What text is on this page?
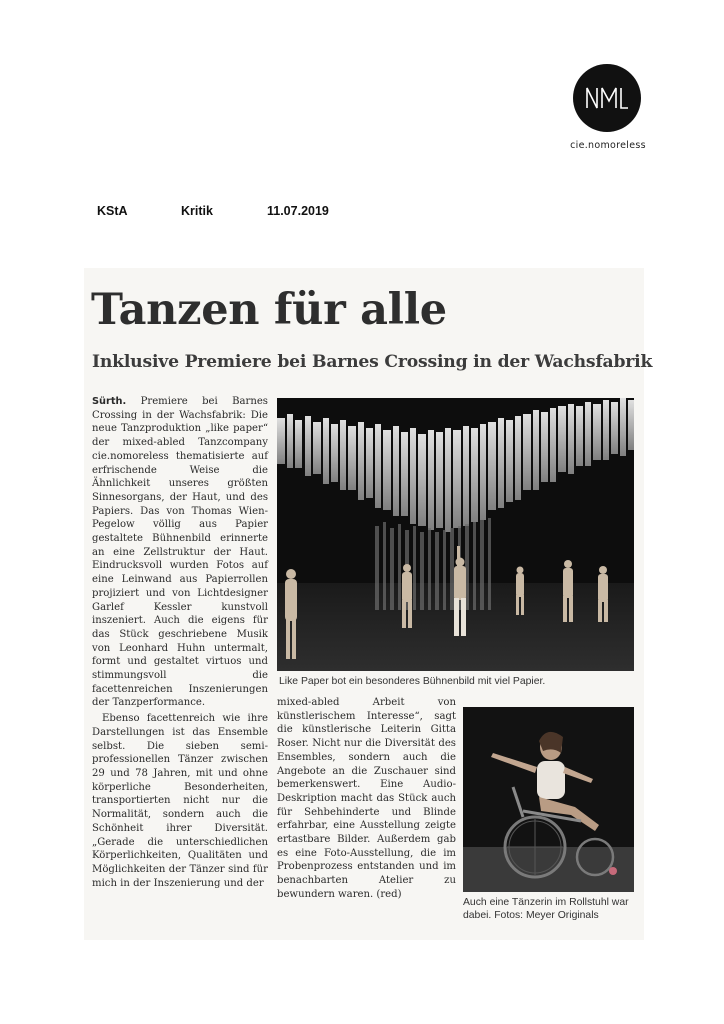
cie.nomoreless
KStA	Kritik	11.07.2019
Tanzen für alle
Inklusive Premiere bei Barnes Crossing in der Wachsfabrik

Sürth. Premiere bei Barnes Crossing in der Wachsfabrik: Die neue Tanzproduktion „like paper“ der mixed-abled Tanzcompany cie.nomoreless thematisierte auf erfrischende Weise die Ähnlichkeit unseres größten Sinnesorgans, der Haut, und des Papiers. Das von Thomas Wien-Pegelow völlig aus Papier gestaltete Bühnenbild erinnerte an eine Zellstruktur der Haut. Eindrucksvoll wurden Fotos auf eine Leinwand aus Papierrollen projiziert und von Lichtdesigner Garlef Kessler kunstvoll inszeniert. Auch die eigens für das Stück geschriebene Musik von Leonhard Huhn untermalt, formt und gestaltet virtuos und stimmungsvoll die facettenreichen Inszenierungen der Tanzperformance.

Ebenso facettenreich wie ihre Darstellungen ist das Ensemble selbst. Die sieben semi-professionellen Tänzer zwischen 29 und 78 Jahren, mit und ohne körperliche Besonderheiten, transportierten nicht nur die Normalität, sondern auch die Schönheit ihrer Diversität. „Gerade die unterschiedlichen Körperlichkeiten, Qualitäten und Möglichkeiten der Tänzer sind für mich in der Inszenierung und der

Like Paper bot ein besonderes Bühnenbild mit viel Papier.

mixed-abled Arbeit von künstlerischem Interesse“, sagt die künstlerische Leiterin Gitta Roser. Nicht nur die Diversität des Ensembles, sondern auch die Angebote an die Zuschauer sind bemerkenswert. Eine Audio-Deskription macht das Stück auch für Sehbehinderte und Blinde erfahrbar, eine Ausstellung zeigte ertastbare Bilder. Außerdem gab es eine Foto-Ausstellung, die im Probenprozess entstanden und im benachbarten Atelier zu bewundern waren. (red)

Auch eine Tänzerin im Rollstuhl war dabei. Fotos: Meyer Originals
